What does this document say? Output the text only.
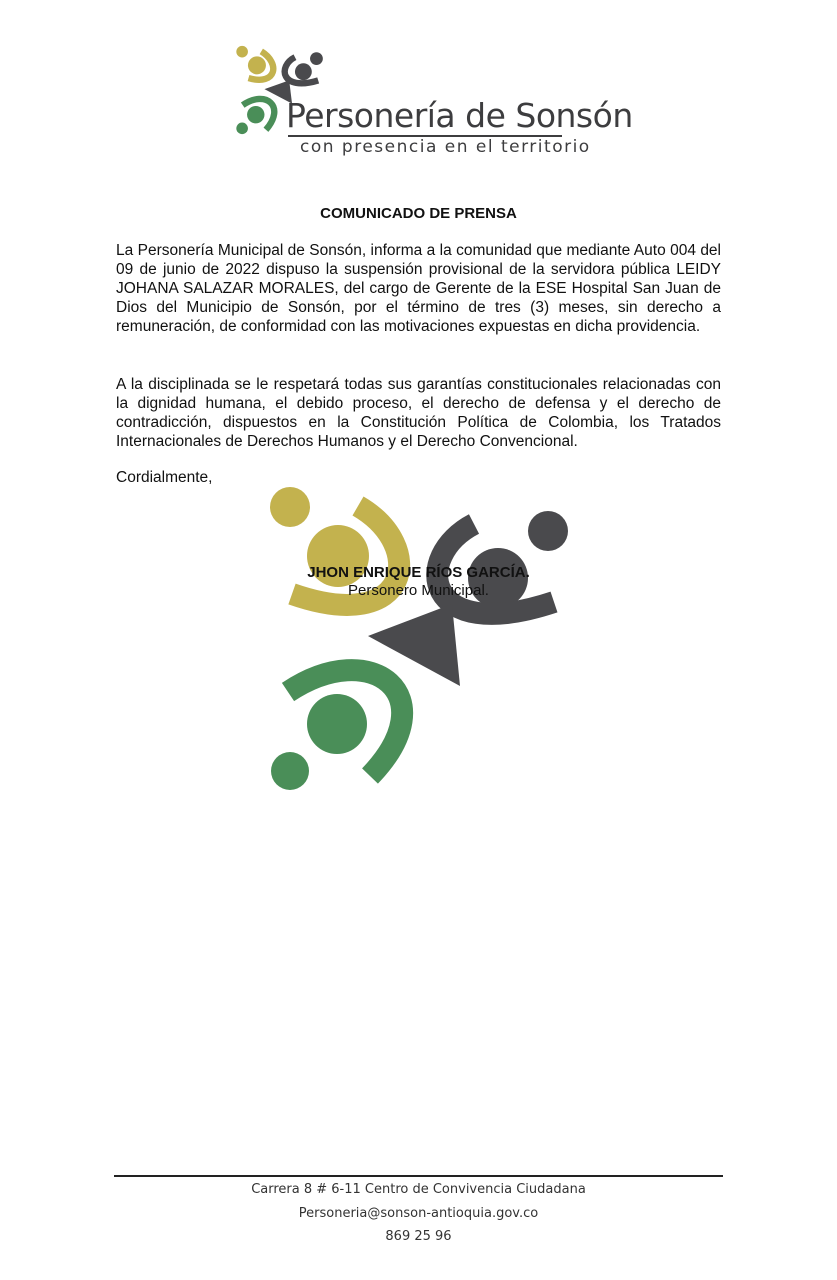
Personería de Sonsón
con presencia en el territorio
COMUNICADO DE PRENSA

La Personería Municipal de Sonsón, informa a la comunidad que mediante Auto 004 del 09 de junio de 2022 dispuso la suspensión provisional de la servidora pública LEIDY JOHANA SALAZAR MORALES, del cargo de Gerente de la ESE Hospital San Juan de Dios del Municipio de Sonsón, por el término de tres (3) meses, sin derecho a remuneración, de conformidad con las motivaciones expuestas en dicha providencia.

A la disciplinada se le respetará todas sus garantías constitucionales relacionadas con la dignidad humana, el debido proceso, el derecho de defensa y el derecho de contradicción, dispuestos en la Constitución Política de Colombia, los Tratados Internacionales de Derechos Humanos y el Derecho Convencional.

Cordialmente,
JHON ENRIQUE RÍOS GARCÍA.
Personero Municipal.
Carrera 8 # 6-11 Centro de Convivencia Ciudadana
Personeria@sonson-antioquia.gov.co
869 25 96
